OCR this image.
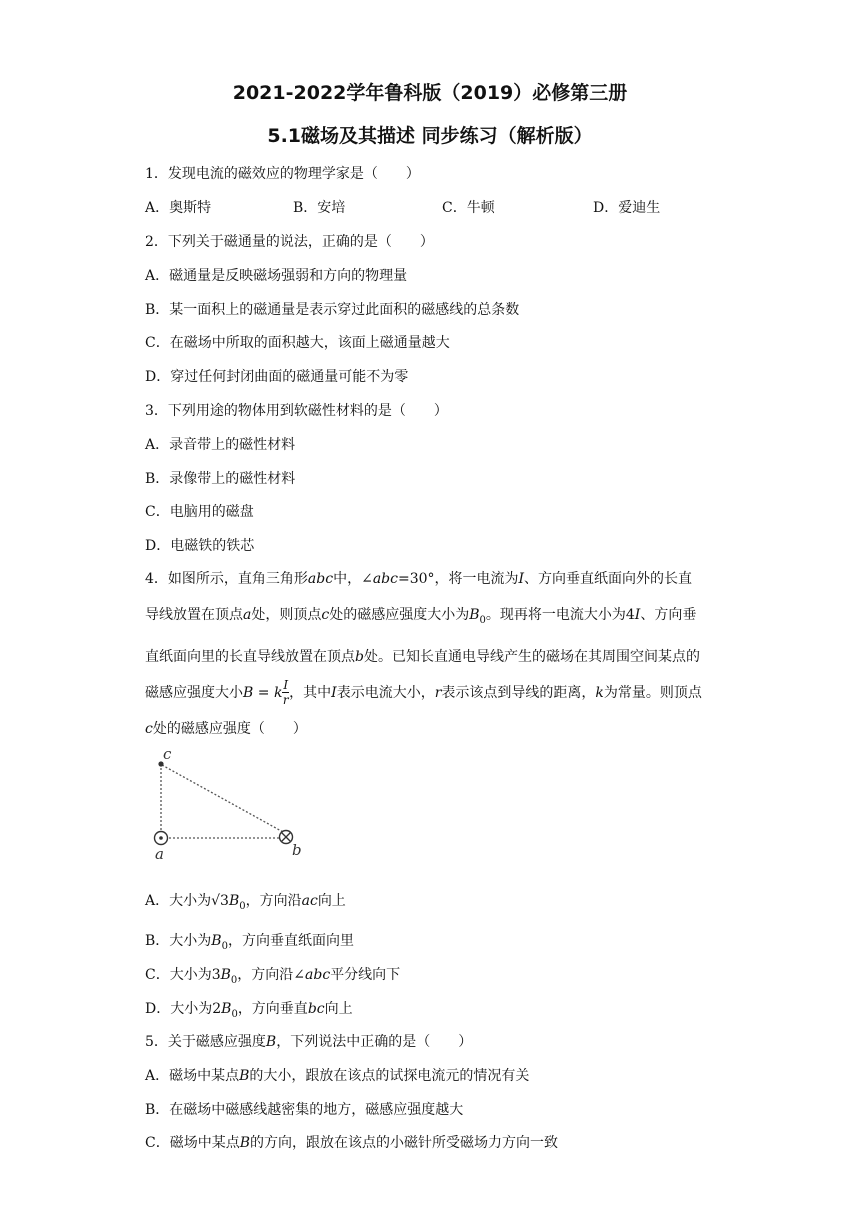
2021-2022学年鲁科版（2019）必修第三册
5.1磁场及其描述 同步练习（解析版）
1．发现电流的磁效应的物理学家是（　　）
A．奥斯特	B．安培	C．牛顿	D．爱迪生
2．下列关于磁通量的说法，正确的是（　　）
A．磁通量是反映磁场强弱和方向的物理量
B．某一面积上的磁通量是表示穿过此面积的磁感线的总条数
C．在磁场中所取的面积越大，该面上磁通量越大
D．穿过任何封闭曲面的磁通量可能不为零
3．下列用途的物体用到软磁性材料的是（　　）
A．录音带上的磁性材料
B．录像带上的磁性材料
C．电脑用的磁盘
D．电磁铁的铁芯
4．如图所示，直角三角形abc中，∠abc=30°，将一电流为I、方向垂直纸面向外的长直导线放置在顶点a处，则顶点c处的磁感应强度大小为$B_0$。现再将一电流大小为4I、方向垂直纸面向里的长直导线放置在顶点b处。已知长直通电导线产生的磁场在其周围空间某点的磁感应强度大小B = k $\frac{I}{r}$ ，其中I表示电流大小，r表示该点到导线的距离，k为常量。则顶点c处的磁感应强度（　　）
c
a	b
A．大小为$√3B_0$，方向沿ac向上
B．大小为$B_0$，方向垂直纸面向里
C．大小为$3B_0$，方向沿∠abc平分线向下
D．大小为$2B_0$，方向垂直bc向上
5．关于磁感应强度B，下列说法中正确的是（　　）
A．磁场中某点B的大小，跟放在该点的试探电流元的情况有关
B．在磁场中磁感线越密集的地方，磁感应强度越大
C．磁场中某点B的方向，跟放在该点的小磁针所受磁场力方向一致
